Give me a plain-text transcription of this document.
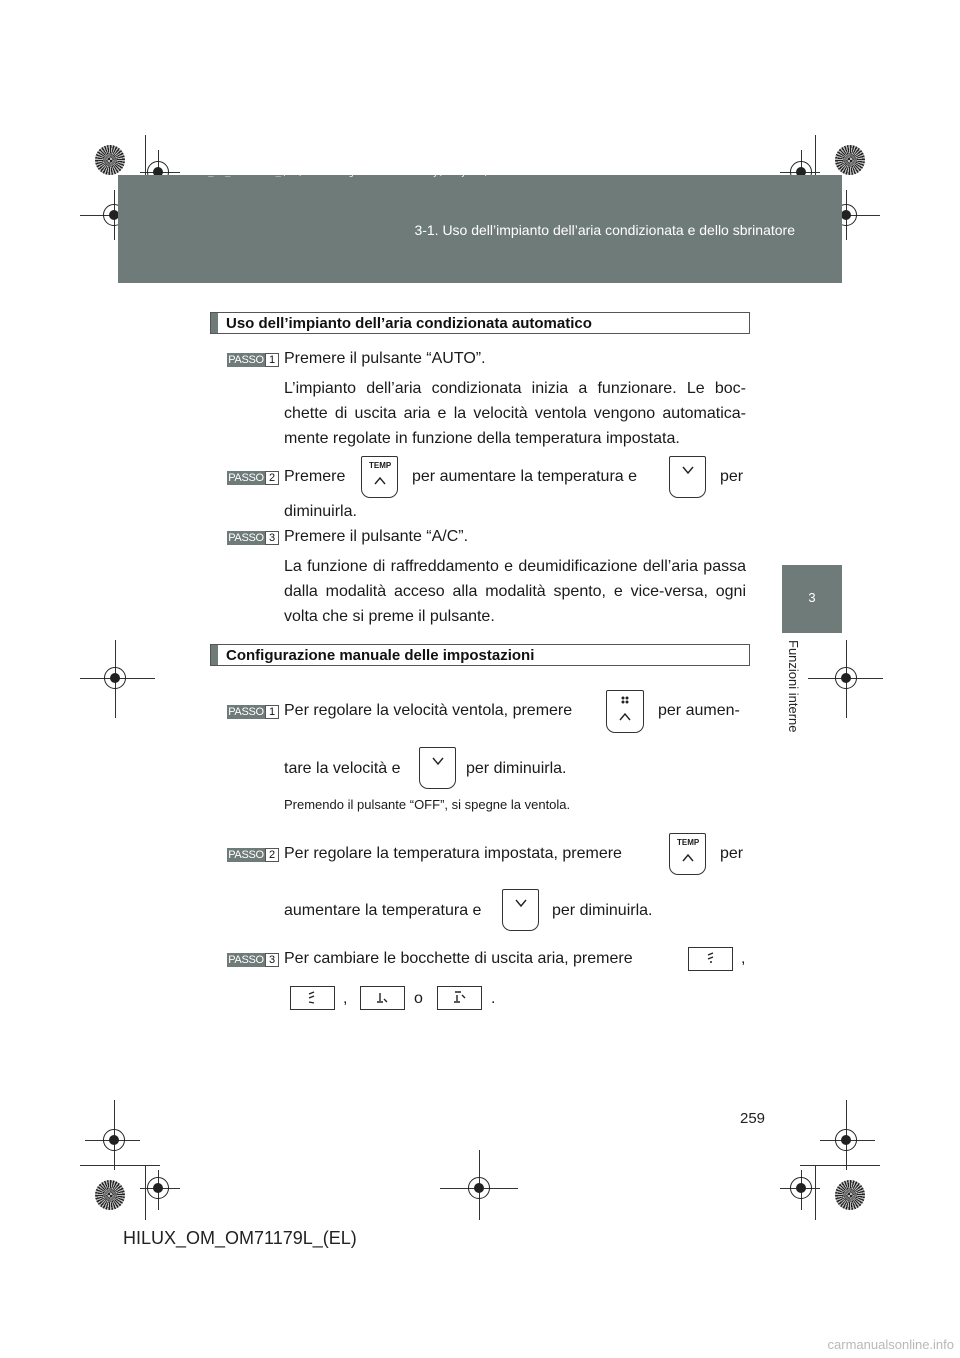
HILUX_OM_OM71179L_(EL).book Page 259 Wednesday, May 16, 2012 11:37 AM
3-1. Uso dell’impianto dell’aria condizionata e dello sbrinatore
3
Funzioni interne
Uso dell’impianto dell’aria condizionata automatico
PASSO 1 Premere il pulsante “AUTO”.
L’impianto dell’aria condizionata inizia a funzionare. Le boc-chette di uscita aria e la velocità ventola vengono automatica-mente regolate in funzione della temperatura impostata.
PASSO 2 Premere
TEMP
per aumentare la temperatura e	per
diminuirla.
PASSO 3 Premere il pulsante “A/C”.
La funzione di raffreddamento e deumidificazione dell’aria passa dalla modalità acceso alla modalità spento, e vice-versa, ogni volta che si preme il pulsante.
Configurazione manuale delle impostazioni
PASSO 1 Per regolare la velocità ventola, premere	per aumen-
tare la velocità e	per diminuirla.
Premendo il pulsante “OFF”, si spegne la ventola.
PASSO 2 Per regolare la temperatura impostata, premere
TEMP
per
aumentare la temperatura e	per diminuirla.
PASSO 3 Per cambiare le bocchette di uscita aria, premere	,
,	o	.
259
HILUX_OM_OM71179L_(EL)
carmanualsonline.info
